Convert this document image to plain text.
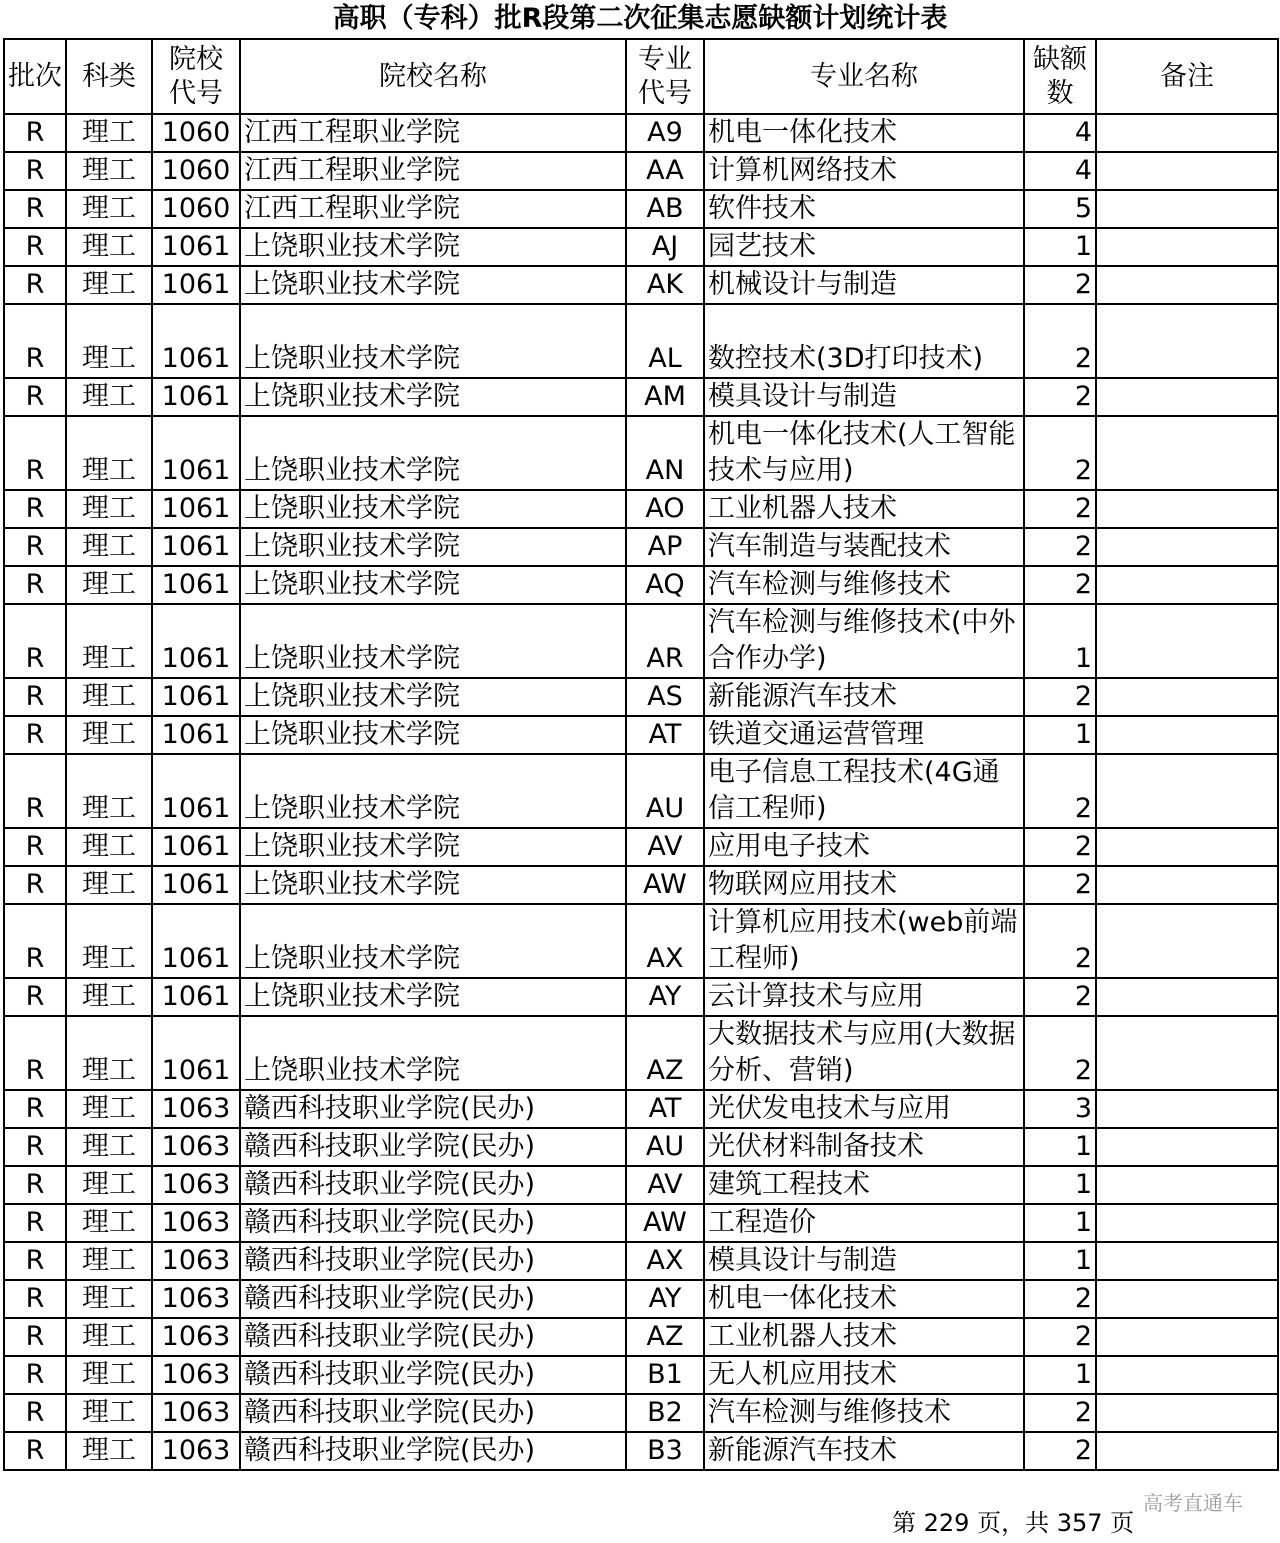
高职（专科）批R段第二次征集志愿缺额计划统计表
批次	科类	院校代号	院校名称	专业代号	专业名称	缺额数	备注
R	理工	1060	江西工程职业学院	A9	机电一体化技术	4	
R	理工	1060	江西工程职业学院	AA	计算机网络技术	4	
R	理工	1060	江西工程职业学院	AB	软件技术	5	
R	理工	1061	上饶职业技术学院	AJ	园艺技术	1	
R	理工	1061	上饶职业技术学院	AK	机械设计与制造	2	
R	理工	1061	上饶职业技术学院	AL	数控技术(3D打印技术)	2	
R	理工	1061	上饶职业技术学院	AM	模具设计与制造	2	
R	理工	1061	上饶职业技术学院	AN	机电一体化技术(人工智能技术与应用)	2	
R	理工	1061	上饶职业技术学院	AO	工业机器人技术	2	
R	理工	1061	上饶职业技术学院	AP	汽车制造与装配技术	2	
R	理工	1061	上饶职业技术学院	AQ	汽车检测与维修技术	2	
R	理工	1061	上饶职业技术学院	AR	汽车检测与维修技术(中外合作办学)	1	
R	理工	1061	上饶职业技术学院	AS	新能源汽车技术	2	
R	理工	1061	上饶职业技术学院	AT	铁道交通运营管理	1	
R	理工	1061	上饶职业技术学院	AU	电子信息工程技术(4G通信工程师)	2	
R	理工	1061	上饶职业技术学院	AV	应用电子技术	2	
R	理工	1061	上饶职业技术学院	AW	物联网应用技术	2	
R	理工	1061	上饶职业技术学院	AX	计算机应用技术(web前端工程师)	2	
R	理工	1061	上饶职业技术学院	AY	云计算技术与应用	2	
R	理工	1061	上饶职业技术学院	AZ	大数据技术与应用(大数据分析、营销)	2	
R	理工	1063	赣西科技职业学院(民办)	AT	光伏发电技术与应用	3	
R	理工	1063	赣西科技职业学院(民办)	AU	光伏材料制备技术	1	
R	理工	1063	赣西科技职业学院(民办)	AV	建筑工程技术	1	
R	理工	1063	赣西科技职业学院(民办)	AW	工程造价	1	
R	理工	1063	赣西科技职业学院(民办)	AX	模具设计与制造	1	
R	理工	1063	赣西科技职业学院(民办)	AY	机电一体化技术	2	
R	理工	1063	赣西科技职业学院(民办)	AZ	工业机器人技术	2	
R	理工	1063	赣西科技职业学院(民办)	B1	无人机应用技术	1	
R	理工	1063	赣西科技职业学院(民办)	B2	汽车检测与维修技术	2	
R	理工	1063	赣西科技职业学院(民办)	B3	新能源汽车技术	2	
高考直通车
第 229 页，共 357 页
